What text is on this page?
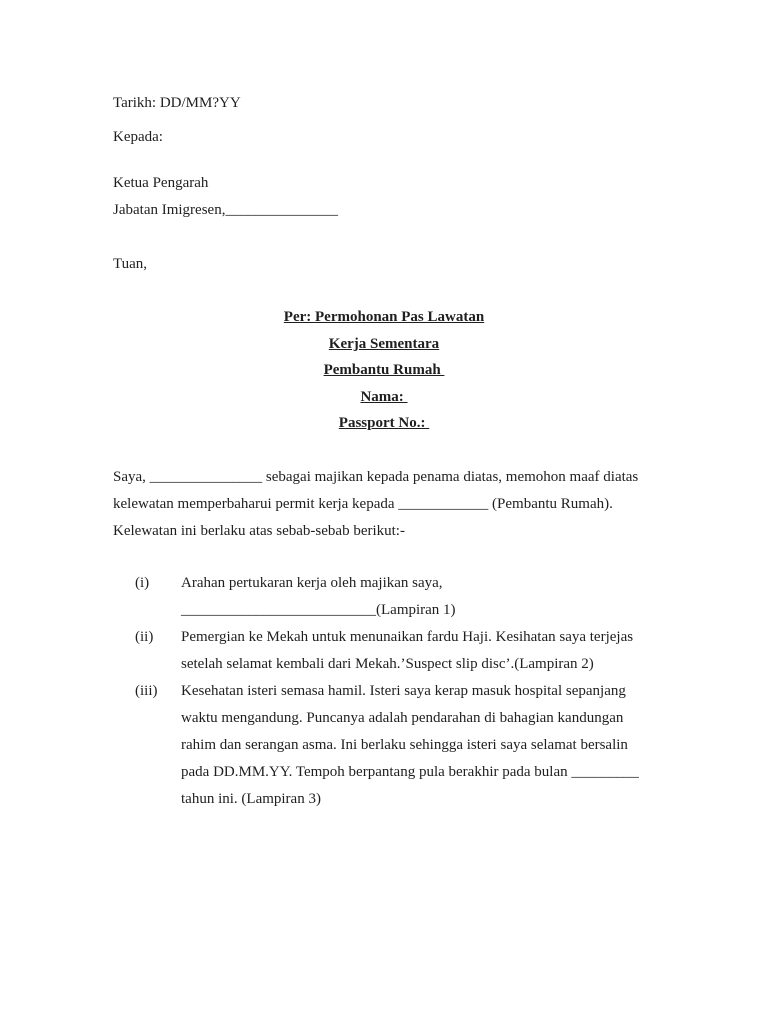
Tarikh: DD/MM?YY
Kepada:
Ketua Pengarah
Jabatan Imigresen,_______________
Tuan,
Per: Permohonan Pas Lawatan
Kerja Sementara
Pembantu Rumah
Nama:
Passport No.:
Saya, _______________ sebagai majikan kepada penama diatas, memohon maaf diatas
kelewatan memperbaharui permit kerja kepada ____________ (Pembantu Rumah).
Kelewatan ini berlaku atas sebab-sebab berikut:-
(i) Arahan pertukaran kerja oleh majikan saya,
__________________________(Lampiran 1)
(ii) Pemergian ke Mekah untuk menunaikan fardu Haji. Kesihatan saya terjejas
setelah selamat kembali dari Mekah.’Suspect slip disc’.(Lampiran 2)
(iii) Kesehatan isteri semasa hamil. Isteri saya kerap masuk hospital sepanjang
waktu mengandung. Puncanya adalah pendarahan di bahagian kandungan
rahim dan serangan asma. Ini berlaku sehingga isteri saya selamat bersalin
pada DD.MM.YY. Tempoh berpantang pula berakhir pada bulan _________
tahun ini. (Lampiran 3)
